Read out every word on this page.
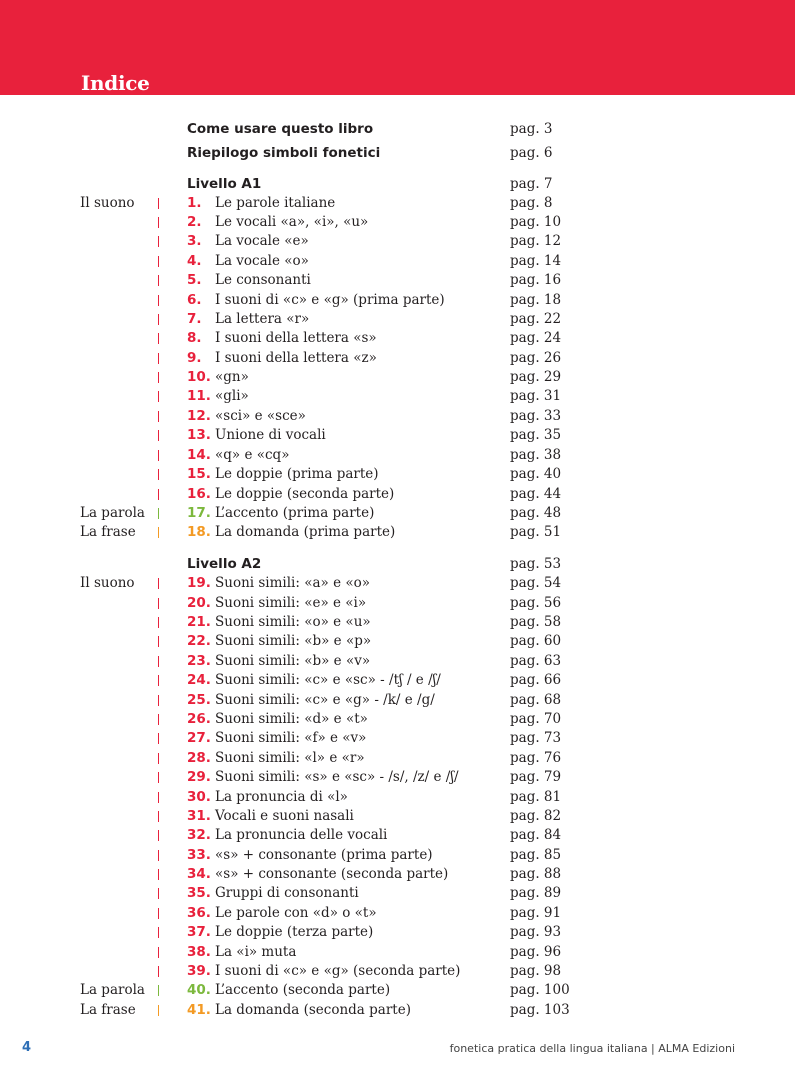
Indice
Come usare questo libro	pag. 3
Riepilogo simboli fonetici	pag. 6
Livello A1	pag. 7
Il suono	1. Le parole italiane	pag. 8
2. Le vocali «a», «i», «u»	pag. 10
3. La vocale «e»	pag. 12
4. La vocale «o»	pag. 14
5. Le consonanti	pag. 16
6. I suoni di «c» e «g» (prima parte)	pag. 18
7. La lettera «r»	pag. 22
8. I suoni della lettera «s»	pag. 24
9. I suoni della lettera «z»	pag. 26
10. «gn»	pag. 29
11. «gli»	pag. 31
12. «sci» e «sce»	pag. 33
13. Unione di vocali	pag. 35
14. «q» e «cq»	pag. 38
15. Le doppie (prima parte)	pag. 40
16. Le doppie (seconda parte)	pag. 44
La parola	17. L’accento (prima parte)	pag. 48
La frase	18. La domanda (prima parte)	pag. 51
Livello A2	pag. 53
Il suono	19. Suoni simili: «a» e «o»	pag. 54
20. Suoni simili: «e» e «i»	pag. 56
21. Suoni simili: «o» e «u»	pag. 58
22. Suoni simili: «b» e «p»	pag. 60
23. Suoni simili: «b» e «v»	pag. 63
24. Suoni simili: «c» e «sc» - /tʃ / e /ʃ/	pag. 66
25. Suoni simili: «c» e «g» - /k/ e /g/	pag. 68
26. Suoni simili: «d» e «t»	pag. 70
27. Suoni simili: «f» e «v»	pag. 73
28. Suoni simili: «l» e «r»	pag. 76
29. Suoni simili: «s» e «sc» - /s/, /z/ e /ʃ/	pag. 79
30. La pronuncia di «l»	pag. 81
31. Vocali e suoni nasali	pag. 82
32. La pronuncia delle vocali	pag. 84
33. «s» + consonante (prima parte)	pag. 85
34. «s» + consonante (seconda parte)	pag. 88
35. Gruppi di consonanti	pag. 89
36. Le parole con «d» o «t»	pag. 91
37. Le doppie (terza parte)	pag. 93
38. La «i» muta	pag. 96
39. I suoni di «c» e «g» (seconda parte)	pag. 98
La parola	40. L’accento (seconda parte)	pag. 100
La frase	41. La domanda (seconda parte)	pag. 103
4	fonetica pratica della lingua italiana | ALMA Edizioni
